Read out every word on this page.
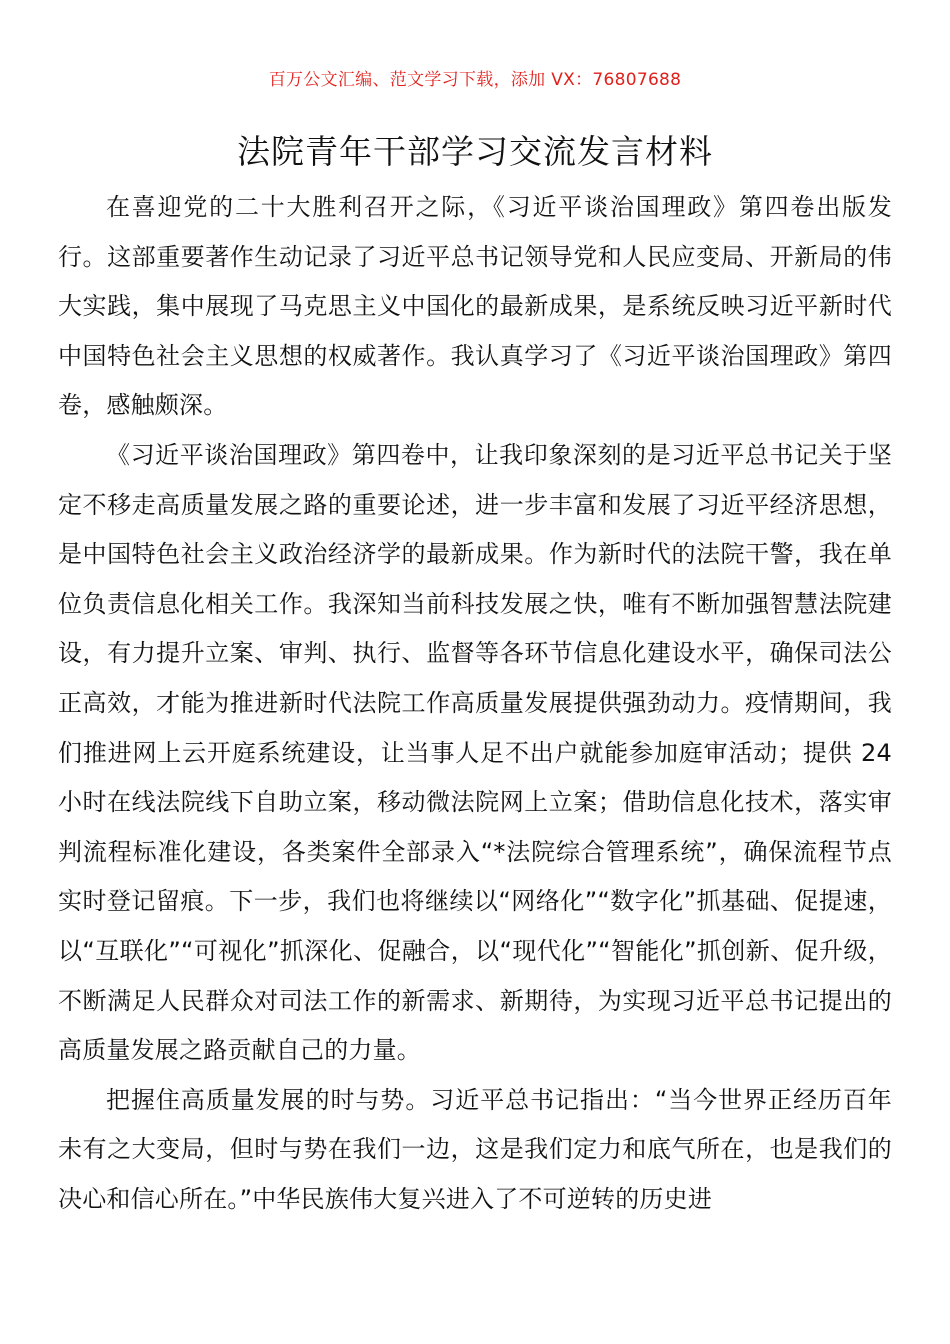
百万公文汇编、范文学习下载，添加 VX：76807688
法院青年干部学习交流发言材料

在喜迎党的二十大胜利召开之际，《习近平谈治国理政》第四卷出版发行。这部重要著作生动记录了习近平总书记领导党和人民应变局、开新局的伟大实践，集中展现了马克思主义中国化的最新成果，是系统反映习近平新时代中国特色社会主义思想的权威著作。我认真学习了《习近平谈治国理政》第四卷，感触颇深。

《习近平谈治国理政》第四卷中，让我印象深刻的是习近平总书记关于坚定不移走高质量发展之路的重要论述，进一步丰富和发展了习近平经济思想，是中国特色社会主义政治经济学的最新成果。作为新时代的法院干警，我在单位负责信息化相关工作。我深知当前科技发展之快，唯有不断加强智慧法院建设，有力提升立案、审判、执行、监督等各环节信息化建设水平，确保司法公正高效，才能为推进新时代法院工作高质量发展提供强劲动力。疫情期间，我们推进网上云开庭系统建设，让当事人足不出户就能参加庭审活动；提供 24 小时在线法院线下自助立案，移动微法院网上立案；借助信息化技术，落实审判流程标准化建设，各类案件全部录入“*法院综合管理系统”，确保流程节点实时登记留痕。下一步，我们也将继续以“网络化”“数字化”抓基础、促提速，以“互联化”“可视化”抓深化、促融合，以“现代化”“智能化”抓创新、促升级，不断满足人民群众对司法工作的新需求、新期待，为实现习近平总书记提出的高质量发展之路贡献自己的力量。

把握住高质量发展的时与势。习近平总书记指出：“当今世界正经历百年未有之大变局，但时与势在我们一边，这是我们定力和底气所在，也是我们的决心和信心所在。”中华民族伟大复兴进入了不可逆转的历史进
